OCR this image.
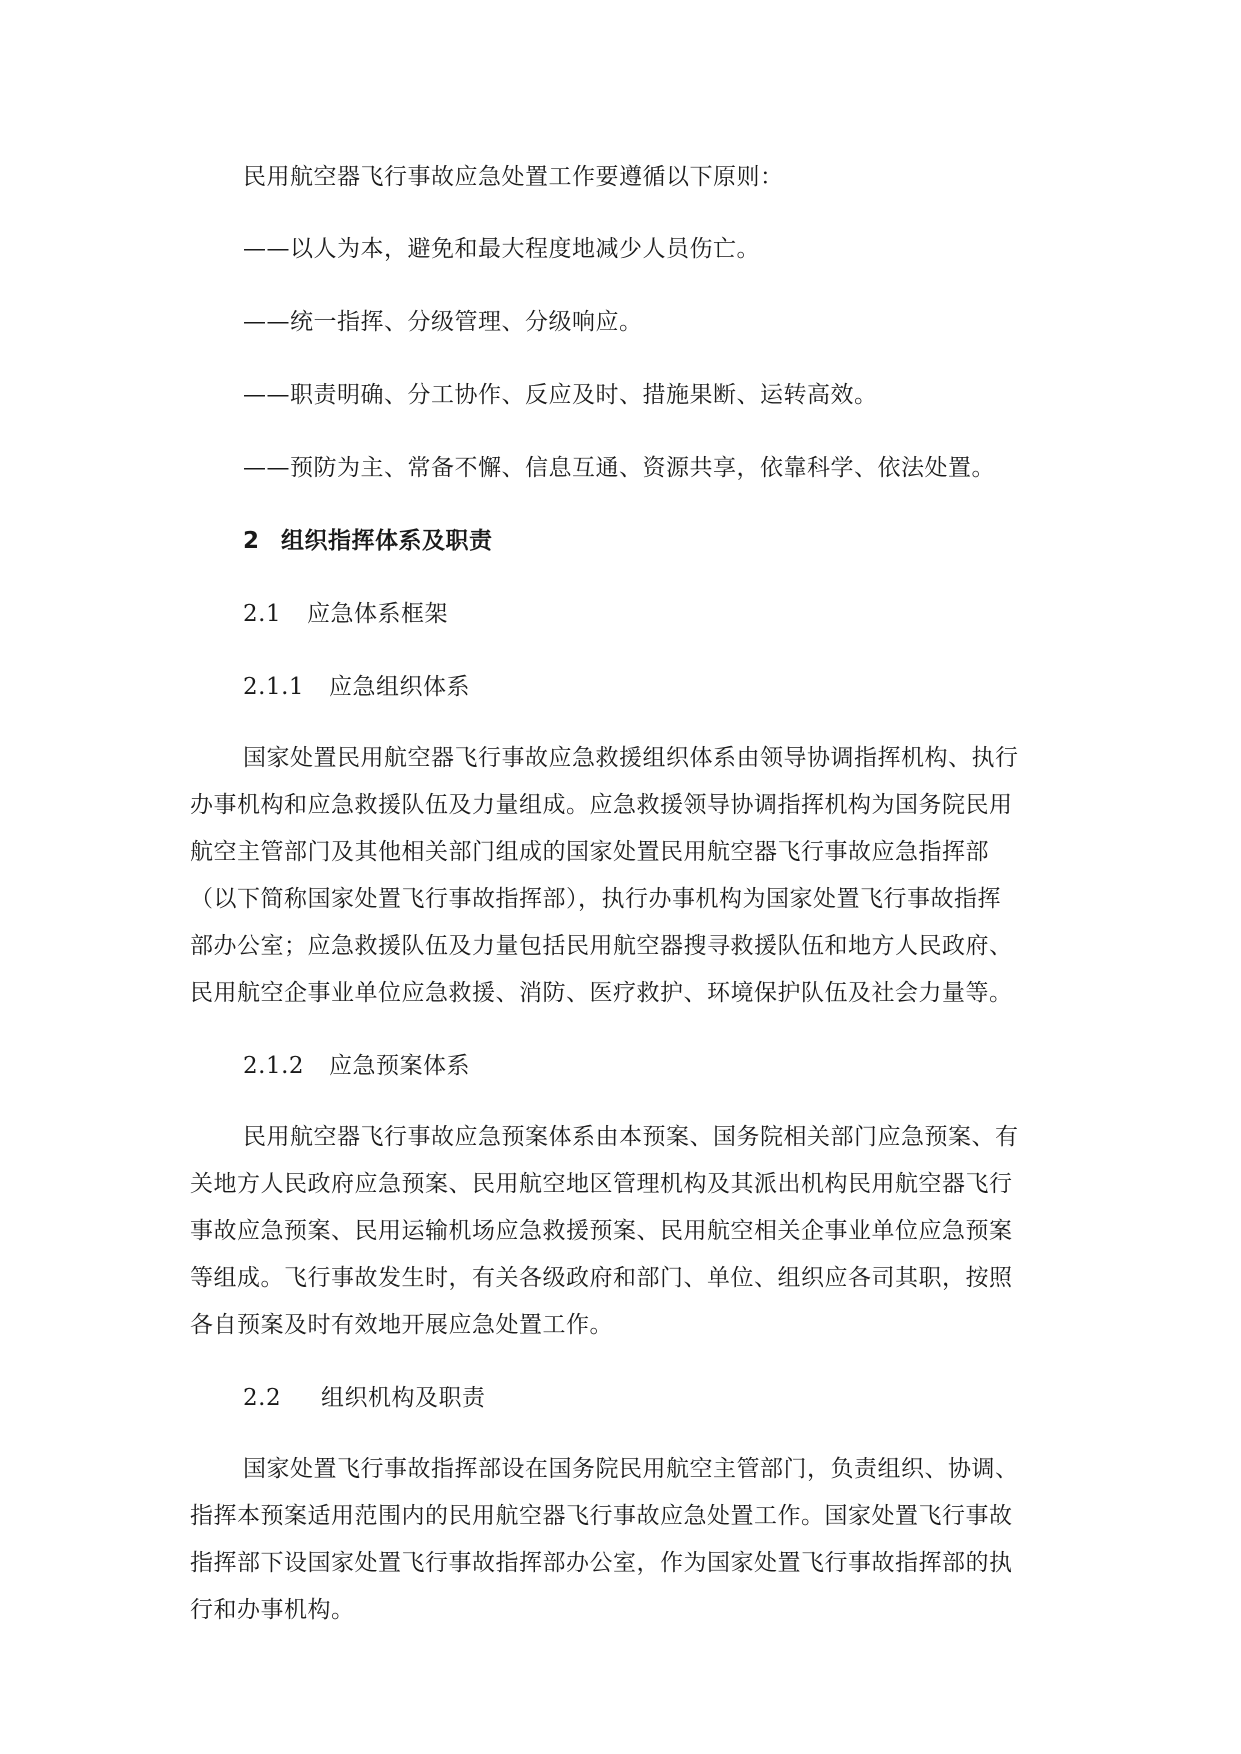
民用航空器飞行事故应急处置工作要遵循以下原则：
——以人为本，避免和最大程度地减少人员伤亡。
——统一指挥、分级管理、分级响应。
——职责明确、分工协作、反应及时、措施果断、运转高效。
——预防为主、常备不懈、信息互通、资源共享，依靠科学、依法处置。
2 组织指挥体系及职责
2.1 应急体系框架
2.1.1 应急组织体系
国家处置民用航空器飞行事故应急救援组织体系由领导协调指挥机构、执行
办事机构和应急救援队伍及力量组成。应急救援领导协调指挥机构为国务院民用
航空主管部门及其他相关部门组成的国家处置民用航空器飞行事故应急指挥部
（以下简称国家处置飞行事故指挥部），执行办事机构为国家处置飞行事故指挥
部办公室；应急救援队伍及力量包括民用航空器搜寻救援队伍和地方人民政府、
民用航空企事业单位应急救援、消防、医疗救护、环境保护队伍及社会力量等。
2.1.2 应急预案体系
民用航空器飞行事故应急预案体系由本预案、国务院相关部门应急预案、有
关地方人民政府应急预案、民用航空地区管理机构及其派出机构民用航空器飞行
事故应急预案、民用运输机场应急救援预案、民用航空相关企事业单位应急预案
等组成。飞行事故发生时，有关各级政府和部门、单位、组织应各司其职，按照
各自预案及时有效地开展应急处置工作。
2.2 组织机构及职责
国家处置飞行事故指挥部设在国务院民用航空主管部门，负责组织、协调、
指挥本预案适用范围内的民用航空器飞行事故应急处置工作。国家处置飞行事故
指挥部下设国家处置飞行事故指挥部办公室，作为国家处置飞行事故指挥部的执
行和办事机构。
